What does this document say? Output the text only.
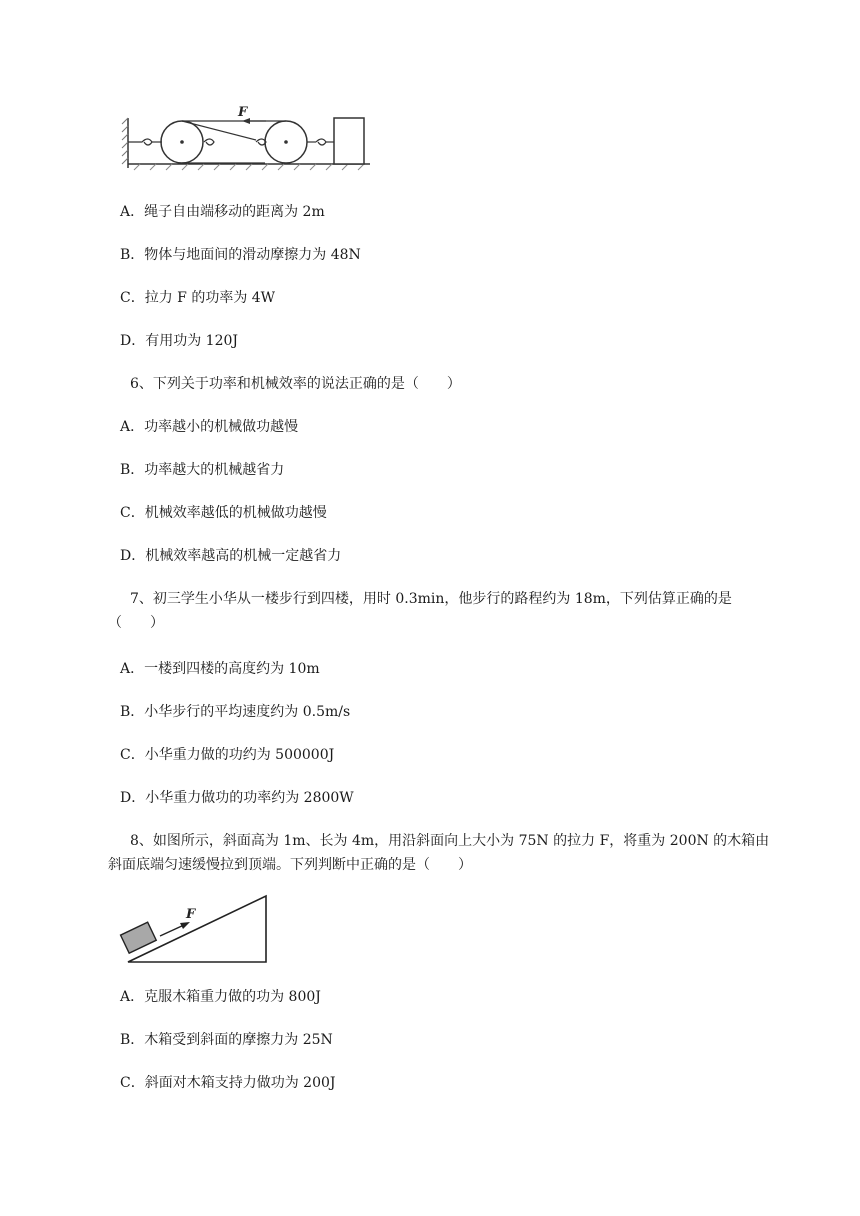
F
A．绳子自由端移动的距离为 2m
B．物体与地面间的滑动摩擦力为 48N
C．拉力 F 的功率为 4W
D．有用功为 120J
6、下列关于功率和机械效率的说法正确的是（　　）
A．功率越小的机械做功越慢
B．功率越大的机械越省力
C．机械效率越低的机械做功越慢
D．机械效率越高的机械一定越省力
7、初三学生小华从一楼步行到四楼，用时 0.3min，他步行的路程约为 18m，下列估算正确的是
（　　）
A．一楼到四楼的高度约为 10m
B．小华步行的平均速度约为 0.5m/s
C．小华重力做的功约为 500000J
D．小华重力做功的功率约为 2800W
8、如图所示，斜面高为 1m、长为 4m，用沿斜面向上大小为 75N 的拉力 F，将重为 200N 的木箱由
斜面底端匀速缓慢拉到顶端。下列判断中正确的是（　　）
F
A．克服木箱重力做的功为 800J
B．木箱受到斜面的摩擦力为 25N
C．斜面对木箱支持力做功为 200J
